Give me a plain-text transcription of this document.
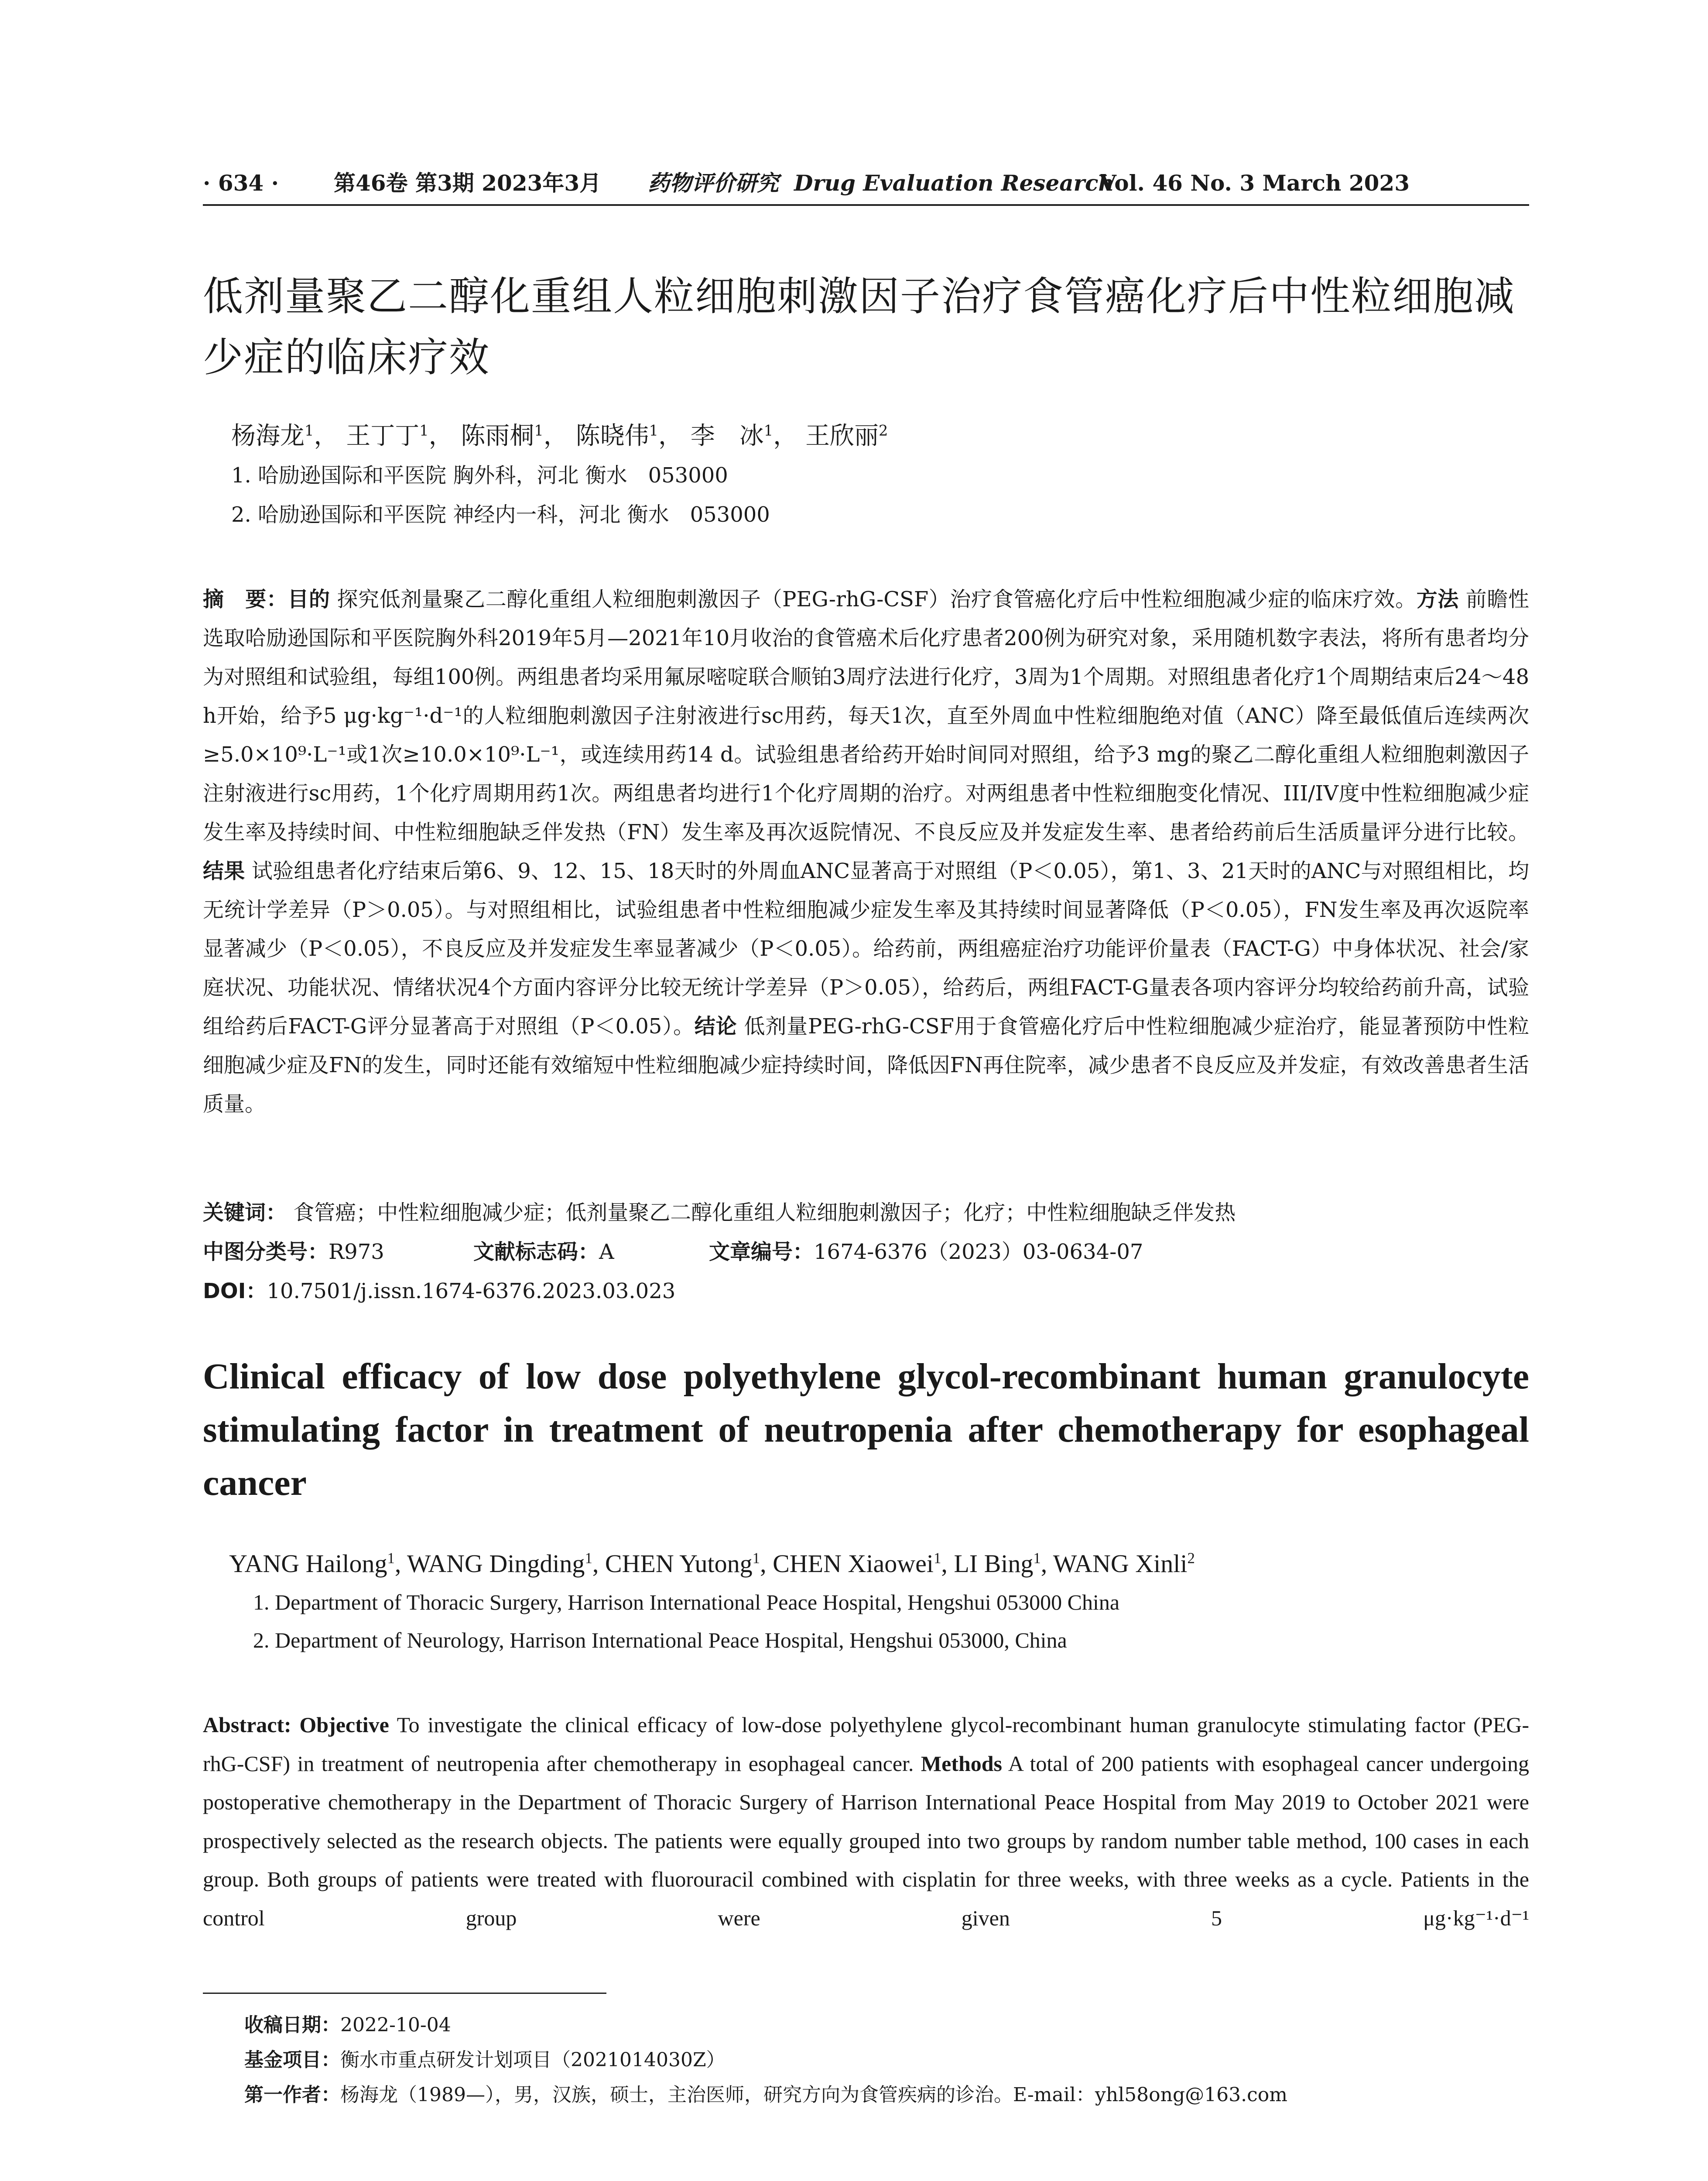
· 634 ·	第46卷 第3期 2023年3月 药物评价研究 Drug Evaluation Research
Vol. 46 No. 3 March 2023
低剂量聚乙二醇化重组人粒细胞刺激因子治疗食管癌化疗后中性粒细胞减少症的临床疗效
杨海龙$^1$， 王丁丁$^1$， 陈雨桐$^1$， 陈晓伟$^1$， 李　冰$^1$， 王欣丽$^2$
1. 哈励逊国际和平医院 胸外科，河北 衡水　053000
2. 哈励逊国际和平医院 神经内一科，河北 衡水　053000
摘　要：目的 探究低剂量聚乙二醇化重组人粒细胞刺激因子（PEG-rhG-CSF）治疗食管癌化疗后中性粒细胞减少症的临床疗效。方法 前瞻性选取哈励逊国际和平医院胸外科2019年5月—2021年10月收治的食管癌术后化疗患者200例为研究对象，采用随机数字表法，将所有患者均分为对照组和试验组，每组100例。两组患者均采用氟尿嘧啶联合顺铂3周疗法进行化疗，3周为1个周期。对照组患者化疗1个周期结束后24～48 h开始，给予5 μg·kg⁻¹·d⁻¹的人粒细胞刺激因子注射液进行sc用药，每天1次，直至外周血中性粒细胞绝对值（ANC）降至最低值后连续两次≥5.0×10⁹·L⁻¹或1次≥10.0×10⁹·L⁻¹，或连续用药14 d。试验组患者给药开始时间同对照组，给予3 mg的聚乙二醇化重组人粒细胞刺激因子注射液进行sc用药，1个化疗周期用药1次。两组患者均进行1个化疗周期的治疗。对两组患者中性粒细胞变化情况、III/IV度中性粒细胞减少症发生率及持续时间、中性粒细胞缺乏伴发热（FN）发生率及再次返院情况、不良反应及并发症发生率、患者给药前后生活质量评分进行比较。结果 试验组患者化疗结束后第6、9、12、15、18天时的外周血ANC显著高于对照组（P＜0.05），第1、3、21天时的ANC与对照组相比，均无统计学差异（P＞0.05）。与对照组相比，试验组患者中性粒细胞减少症发生率及其持续时间显著降低（P＜0.05），FN发生率及再次返院率显著减少（P＜0.05），不良反应及并发症发生率显著减少（P＜0.05）。给药前，两组癌症治疗功能评价量表（FACT-G）中身体状况、社会/家庭状况、功能状况、情绪状况4个方面内容评分比较无统计学差异（P＞0.05），给药后，两组FACT-G量表各项内容评分均较给药前升高，试验组给药后FACT-G评分显著高于对照组（P＜0.05）。结论 低剂量PEG-rhG-CSF用于食管癌化疗后中性粒细胞减少症治疗，能显著预防中性粒细胞减少症及FN的发生，同时还能有效缩短中性粒细胞减少症持续时间，降低因FN再住院率，减少患者不良反应及并发症，有效改善患者生活质量。
关键词： 食管癌；中性粒细胞减少症；低剂量聚乙二醇化重组人粒细胞刺激因子；化疗；中性粒细胞缺乏伴发热
中图分类号：R973	文献标志码：A	文章编号：1674-6376（2023）03-0634-07
DOI：10.7501/j.issn.1674-6376.2023.03.023
Clinical efficacy of low dose polyethylene glycol-recombinant human granulocyte stimulating factor in treatment of neutropenia after chemotherapy for esophageal cancer
YANG Hailong$^1$, WANG Dingding$^1$, CHEN Yutong$^1$, CHEN Xiaowei$^1$, LI Bing$^1$, WANG Xinli$^2$
1. Department of Thoracic Surgery, Harrison International Peace Hospital, Hengshui 053000 China
2. Department of Neurology, Harrison International Peace Hospital, Hengshui 053000, China
Abstract: Objective To investigate the clinical efficacy of low-dose polyethylene glycol-recombinant human granulocyte stimulating factor (PEG-rhG-CSF) in treatment of neutropenia after chemotherapy in esophageal cancer. Methods A total of 200 patients with esophageal cancer undergoing postoperative chemotherapy in the Department of Thoracic Surgery of Harrison International Peace Hospital from May 2019 to October 2021 were prospectively selected as the research objects. The patients were equally grouped into two groups by random number table method, 100 cases in each group. Both groups of patients were treated with fluorouracil combined with cisplatin for three weeks, with three weeks as a cycle. Patients in the control group were given 5 μg·kg⁻¹·d⁻¹
收稿日期：2022-10-04
基金项目：衡水市重点研发计划项目（2021014030Z）
第一作者：杨海龙（1989—），男，汉族，硕士，主治医师，研究方向为食管疾病的诊治。E-mail：yhl58ong@163.com
